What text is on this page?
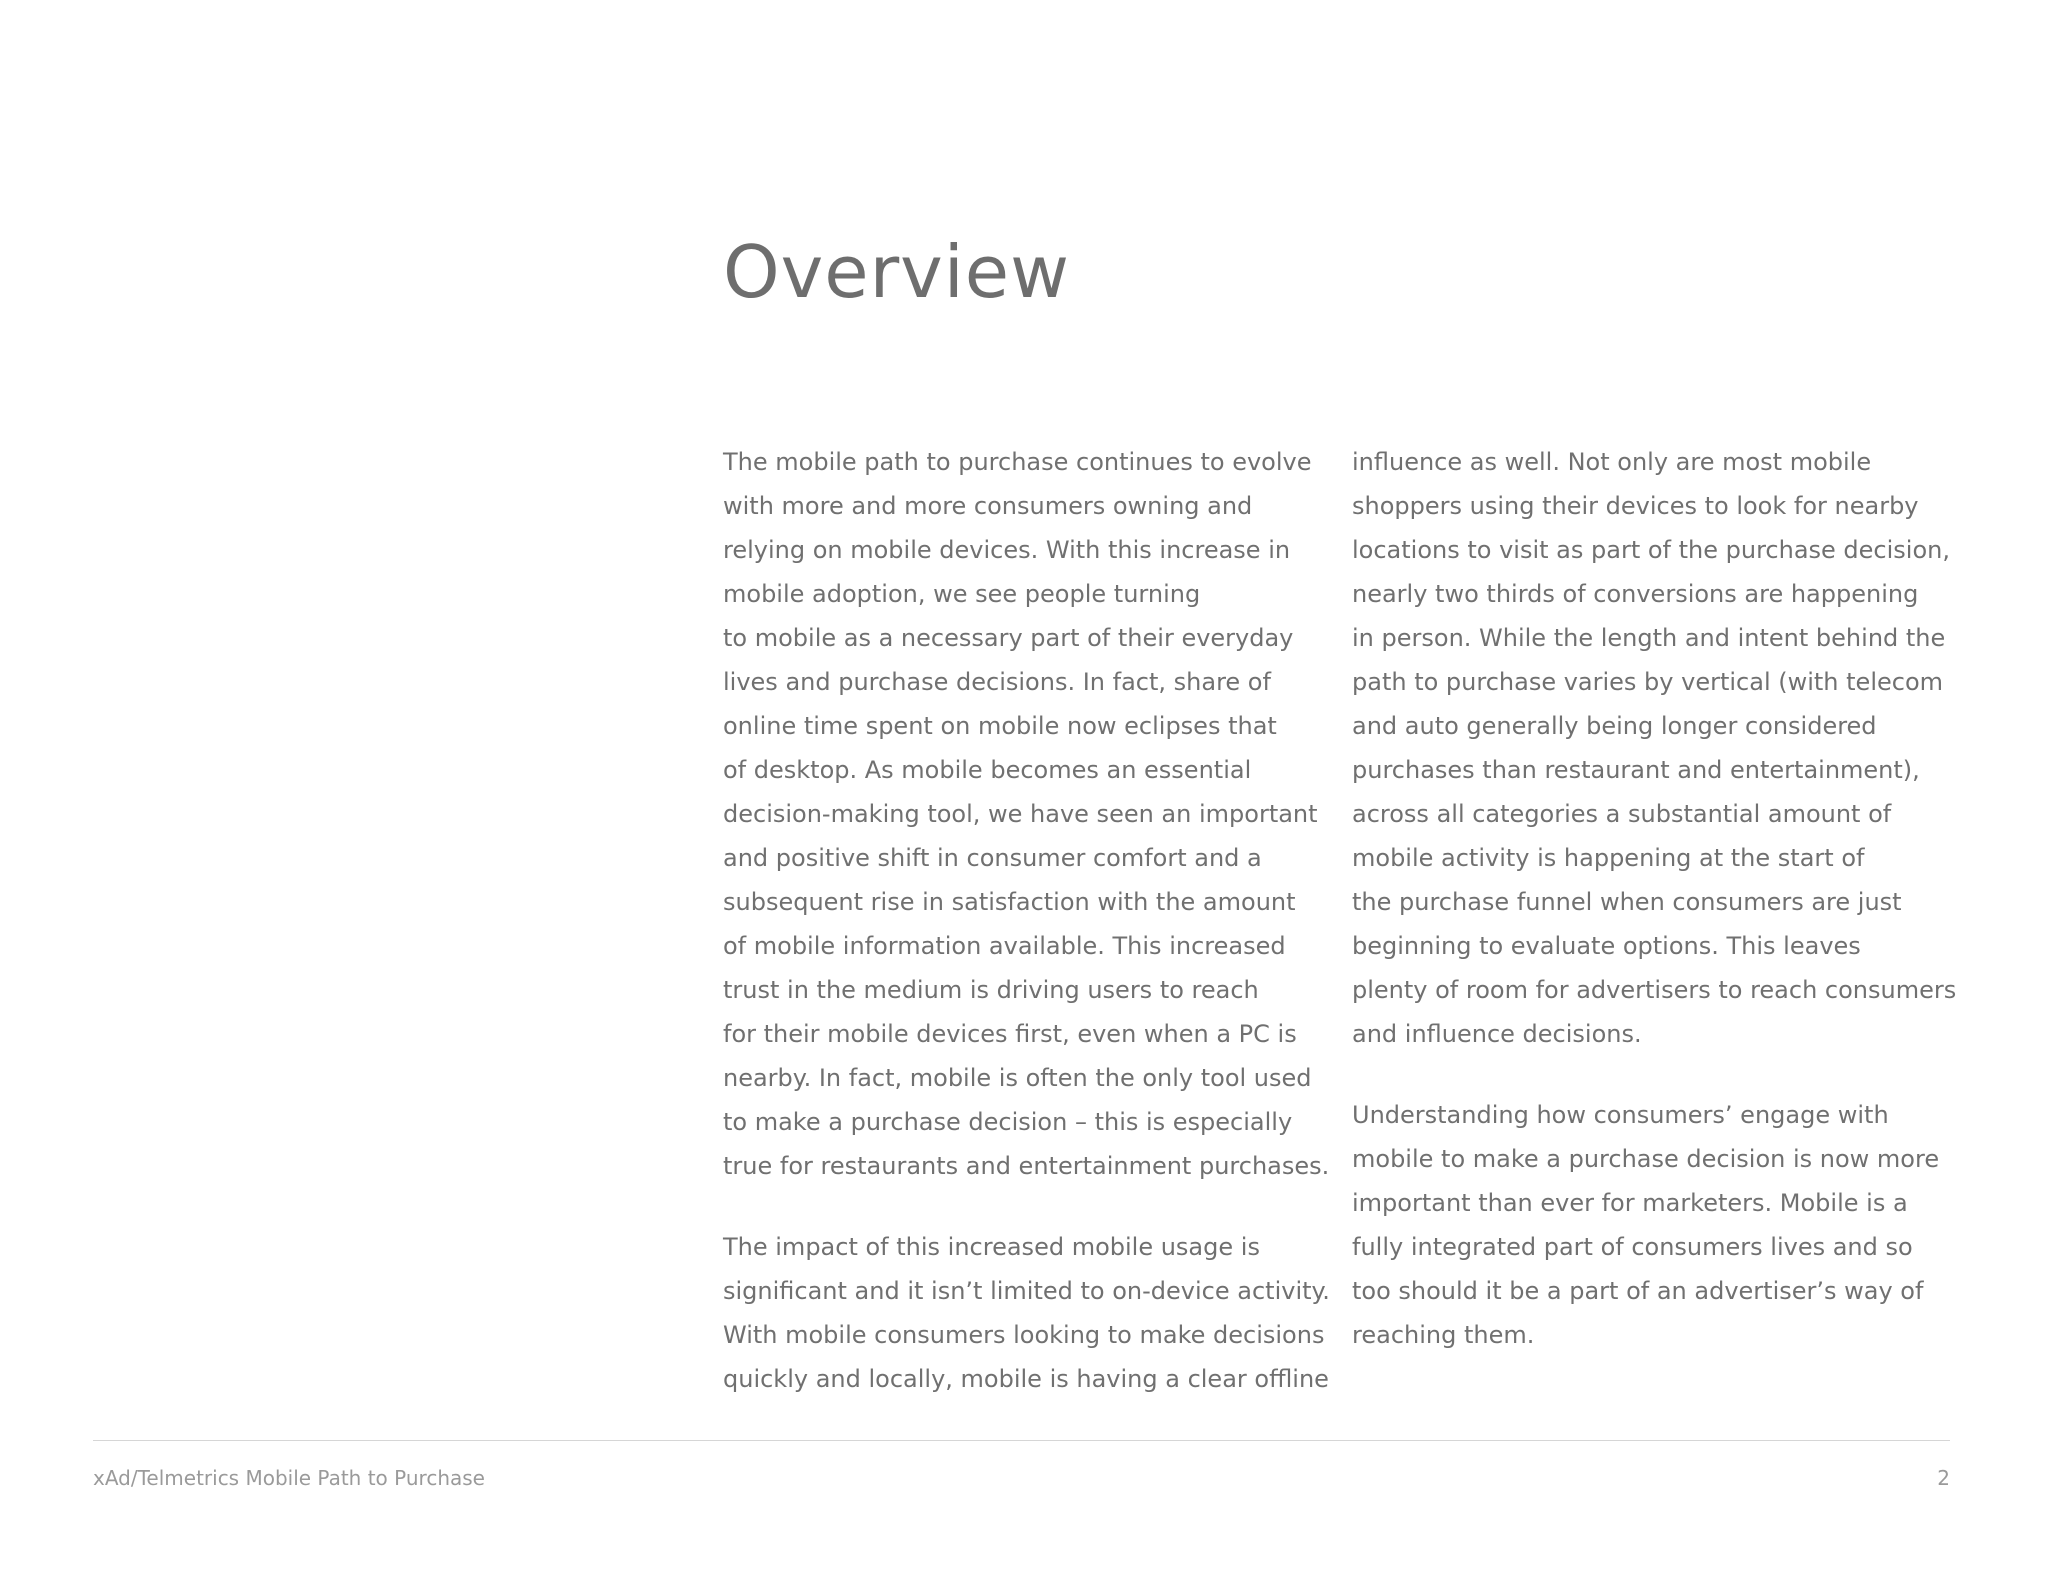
Overview

The mobile path to purchase continues to evolve
with more and more consumers owning and
relying on mobile devices. With this increase in
mobile adoption, we see people turning
to mobile as a necessary part of their everyday
lives and purchase decisions. In fact, share of
online time spent on mobile now eclipses that
of desktop. As mobile becomes an essential
decision-making tool, we have seen an important
and positive shift in consumer comfort and a
subsequent rise in satisfaction with the amount
of mobile information available. This increased
trust in the medium is driving users to reach
for their mobile devices first, even when a PC is
nearby. In fact, mobile is often the only tool used
to make a purchase decision – this is especially
true for restaurants and entertainment purchases.

The impact of this increased mobile usage is
significant and it isn’t limited to on-device activity.
With mobile consumers looking to make decisions
quickly and locally, mobile is having a clear offline

influence as well. Not only are most mobile
shoppers using their devices to look for nearby
locations to visit as part of the purchase decision,
nearly two thirds of conversions are happening
in person. While the length and intent behind the
path to purchase varies by vertical (with telecom
and auto generally being longer considered
purchases than restaurant and entertainment),
across all categories a substantial amount of
mobile activity is happening at the start of
the purchase funnel when consumers are just
beginning to evaluate options. This leaves
plenty of room for advertisers to reach consumers
and influence decisions.

Understanding how consumers’ engage with
mobile to make a purchase decision is now more
important than ever for marketers. Mobile is a
fully integrated part of consumers lives and so
too should it be a part of an advertiser’s way of
reaching them.

xAd/Telmetrics Mobile Path to Purchase	2
